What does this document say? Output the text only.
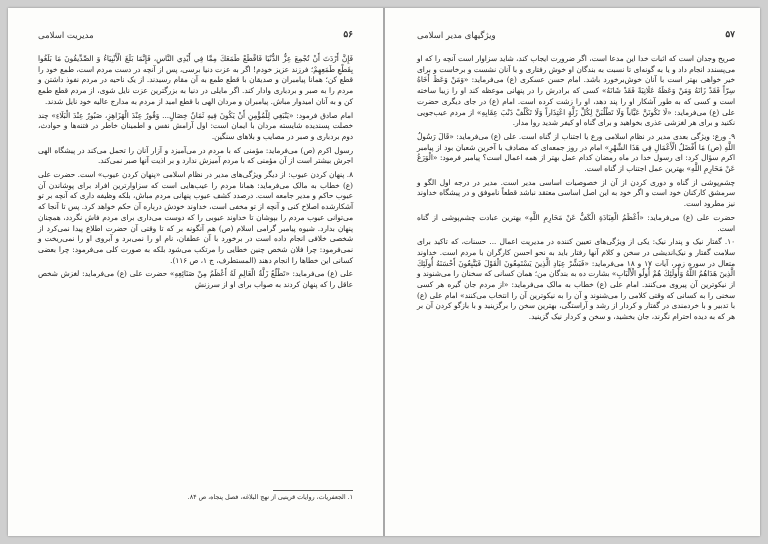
۵۶
مدیریت اسلامی

فَإِنَّ أَرْدَتَ أَنْ تُجْمِعَ عِزُّ الدُّنْيَا فَاقْطَعْ طَمَعَكَ مِمَّا فِي أَيْدِي النَّاسِ، فَإِنَّمَا بَلَغَ الْأَنْبِيَاءُ وَ الصِّدِّيقُونَ مَا بَلَغُوا بِقَطْعِ طَمَعِهِمْ؛ فرزند عزیز خودم! اگر به عزت دنیا برسی، پس از آنچه در دست مردم است، طمع خود را قطع کن؛ همانا پیامبران و صدیقان با قطع طمع به آن مقام رسیدند. از یک ناحیه در مردم نفوذ داشتن و مردم را به صبر و بردباری وادار کند. اگر مایلی در دنیا به بزرگترین عزت نایل شوی، از مردم قطع طمع کن و به آنان امیدوار مباش. پیامبران و مردان الهی با قطع امید از مردم به مدارج عالیه خود نایل شدند.

امام صادق فرمود: «يَنْبَغِي لِلْمُؤْمِنِ أَنْ يَكُونَ فِيهِ ثَمَانُ خِصَالٍ... وَقُورٌ عِنْدَ الْهَزَاهِزِ، صَبُورٌ عِنْدَ الْبَلَاءِ» چند خصلت پسندیده شایسته مردان با ایمان است: اول آرامش نفس و اطمینان خاطر در فتنه‌ها و حوادث، دوم بردباری و صبر در مصایب و بلاهای سنگین.

رسول اکرم (ص) می‌فرماید: مؤمنی که با مردم در می‌آمیزد و آزار آنان را تحمل می‌کند در پیشگاه الهی اجرش بیشتر است از آن مؤمنی که با مردم آمیزش ندارد و بر اذیت آنها صبر نمی‌کند.

۸. پنهان کردن عیوب: از دیگر ویژگی‌های مدیر در نظام اسلامی «پنهان کردن عیوب» است. حضرت علی (ع) خطاب به مالک می‌فرماید: همانا مردم را عیب‌هایی است که سزاوارترین افراد برای پوشاندن آن عیوب حاکم و مدیر جامعه است. درصدد کشف عیوب پنهانی مردم مباش، بلکه وظیفه داری که آنچه بر تو آشکارشده اصلاح کنی و آنچه از تو مخفی است، خداوند خودش درباره آن حکم خواهد کرد. پس تا آنجا که می‌توانی عیوب مردم را بپوشان تا خداوند عیوبی را که دوست می‌داری برای مردم فاش نگردد، همچنان پنهان بدارد. شیوه پیامبر گرامی اسلام (ص) هم آنگونه بر که تا وقتی آن حضرت اطلاع پیدا نمی‌کرد از شخصی خلافی انجام داده است در برخورد با آن عطفان، نام او را نمی‌برد و آبروی او را نمی‌ریخت و نمی‌فرمود: چرا فلان شخص چنین خطایی را مرتکب می‌شود بلکه به صورت کلی می‌فرمود: چرا بعضی کسانی این خطاها را انجام دهند (المستطرف، ج ۱، ص ۱۱۶).

علی (ع) می‌فرماید: «تَطْلُعُ زَلَّةُ الْعَالِمِ لَهُ أَعْظَمُ مِنْ صَنَائِعِهِ» حضرت علی (ع) می‌فرماید: لغزش شخص عاقل را که پنهان کردند به صواب برای او از سرزنش

۱. الجعفریات، روایات قرینیی از نهج البلاغه، فصل پنجاه، ص ۸۴.
۵۷
ویژگیهای مدیر اسلامی

صریح وجدان است که اثبات خدا این مدعا است، اگر ضرورت ایجاب کند، شاید سزاوار است آنچه را که او می‌پسندد انجام داد و یا به گونه‌ای تا نسبت به بندگان او خوش رفتاری و با آنان نشست و برخاست و برای خیر خواهی بهتر است با آنان خوش‌برخورد باشد. امام حسن عسکری (ع) می‌فرماید: «وَمَنْ وَعَظَ أَخَاهُ سِرّاً فَقَدْ زَانَهُ وَمَنْ وَعَظَهُ عَلَانِيَةً فَقَدْ شَانَهُ» کسی که برادرش را در پنهانی موعظه کند او را زیبا ساخته است و کسی که به طور آشکار او را پند دهد، او را زشت کرده است. امام (ع) در جای دیگری حضرت علی (ع) می‌فرماید: «لَا تَكُونَنَّ عَيَّاباً وَلَا تَطْلُبَنَّ لِكُلِّ زَلَّةٍ اعْتِذَاراً وَلَا تَكْلُفْ ذَنْبَ عِقَابِهِ» از مردم عیب‌جویی نکنید و برای هر لغزشی عذری بخواهید و برای گناه او کیفر شدید روا مدار.

۹. ورع: ویژگی بعدی مدیر در نظام اسلامی ورع یا اجتناب از گناه است. علی (ع) می‌فرماید: «قَالَ رَسُولُ اللَّهِ (ص) مَا أَفْضَلُ الْأَعْمَالِ فِي هَذَا الشَّهْرِ» امام در روز جمعه‌ای که مصادف با آخرین شعبان بود از پیامبر اکرم سؤال کرد: ای رسول خدا در ماه رمضان کدام عمل بهتر از همه اعمال است؟ پیامبر فرمود: «الْوَرَعُ عَنْ مَحَارِمِ اللَّهِ» بهترین عمل اجتناب از گناه است.

چشم‌پوشی از گناه و دوری کردن از آن از خصوصیات اساسی مدیر است. مدیر در درجه اول الگو و سرمشق کارکنان خود است و اگر خود به این اصل اساسی معتقد نباشد قطعاً ناموفق و در پیشگاه خداوند نیز مطرود است.

حضرت علی (ع) می‌فرماید: «أَعْظَمُ الْعِبَادَةِ الْكَفُّ عَنْ مَحَارِمِ اللَّهِ» بهترین عبادت چشم‌پوشی از گناه است.

۱۰. گفتار نیک و پندار نیک: یکی از ویژگی‌های تعیین کننده در مدیریت اعمال ... حسنات، که تاکید برای سلامت گفتار و نیک‌اندیشی در سخن و کلام آنها رفتار باید به نحو احسن کارگران با مردم است. خداوند متعال در سوره زمر، آیات ۱۷ و ۱۸ می‌فرماید: «فَبَشِّرْ عِبَادِ الَّذِينَ يَسْتَمِعُونَ الْقَوْلَ فَيَتَّبِعُونَ أَحْسَنَهُ أُولَئِكَ الَّذِينَ هَدَاهُمُ اللَّهُ وَأُولَئِكَ هُمْ أُولُو الْأَلْبَابِ» بشارت ده به بندگان من؛ همان کسانی که سخنان را می‌شنوند و از نیکوترین آن پیروی می‌کنند. امام علی (ع) خطاب به مالک می‌فرماید: «از مردم جان گیره هر کسی سخنی را به کسانی که وقتی کلامی را می‌شنوند و آن را به نیکوترین آن را انتخاب می‌کنند» امام علی (ع) با تدبیر و با خردمندی در گفتار و کردار از رشد و آراستگی، بهترین سخن را برگزینید و با بازگو کردن آن بر هر که به دیده احترام نگرند، جان بخشید، و سخن و کردار نیک گزینید.
